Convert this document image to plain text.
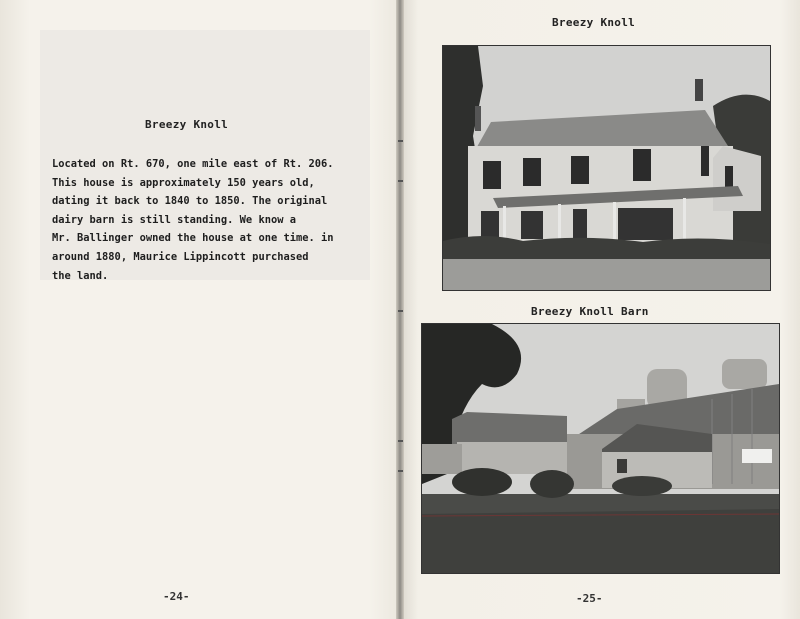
Breezy Knoll
Located on Rt. 670, one mile east of Rt. 206.
This house is approximately 150 years old,
dating it back to 1840 to 1850. The original
dairy barn is still standing. We know a
Mr. Ballinger owned the house at one time. in
around 1880, Maurice Lippincott purchased
the land.
-24-
Breezy Knoll
Breezy Knoll Barn
-25-
